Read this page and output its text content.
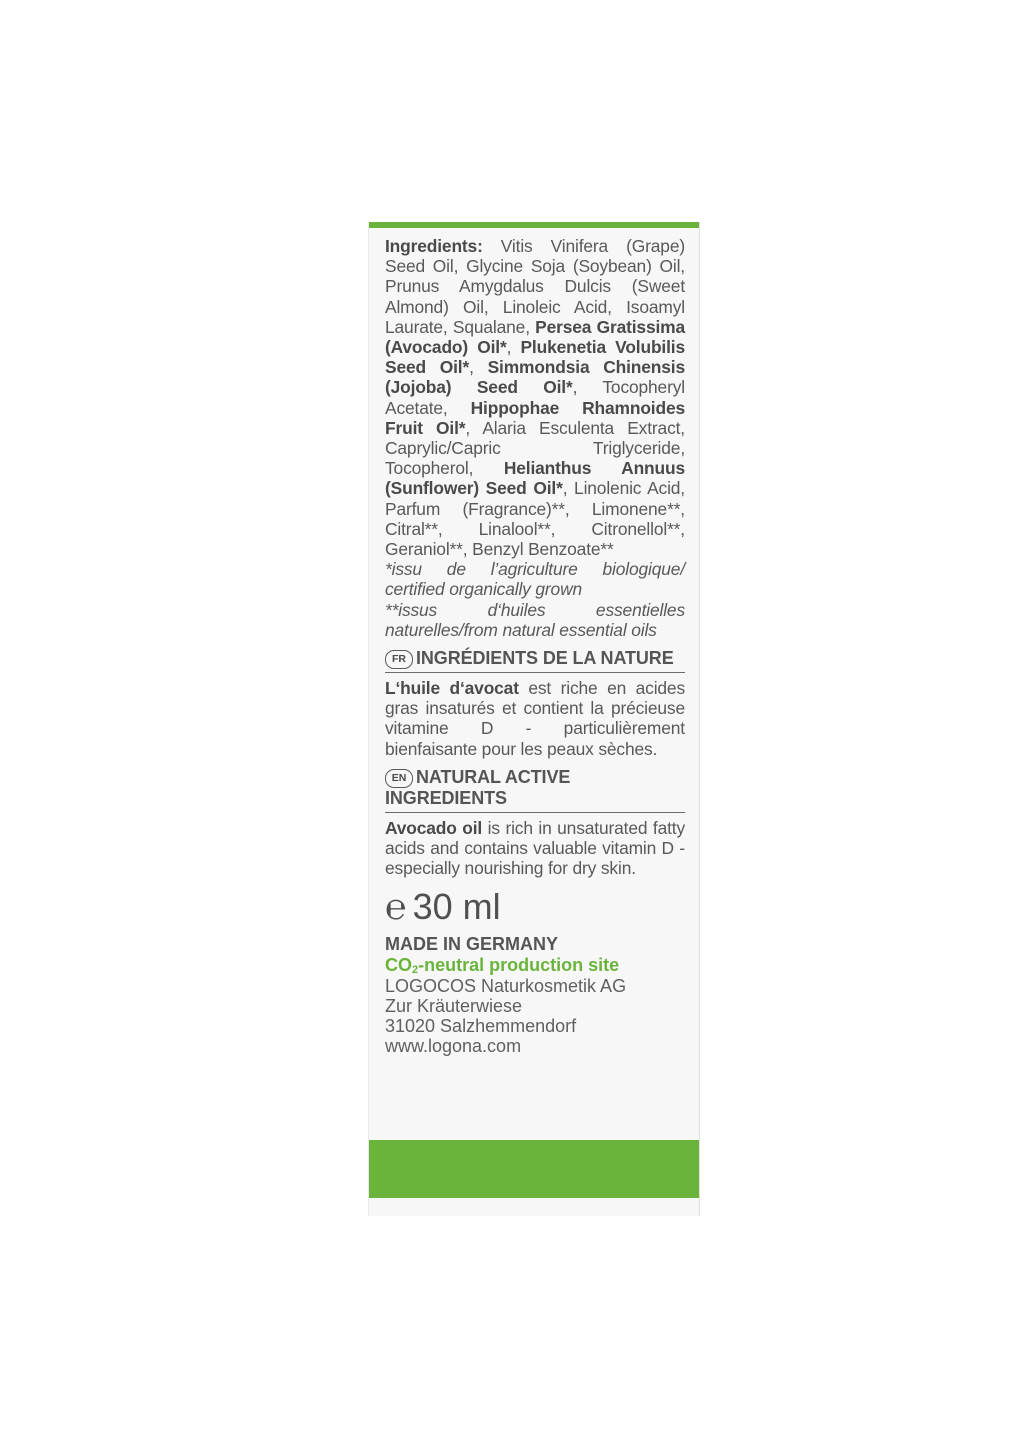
Ingredients: Vitis Vinifera (Grape) Seed Oil, Glycine Soja (Soybean) Oil, Prunus Amygdalus Dulcis (Sweet Almond) Oil, Linoleic Acid, Isoamyl Laurate, Squalane, Persea Gratissima (Avocado) Oil*, Plukenetia Volubilis Seed Oil*, Simmondsia Chinensis (Jojoba) Seed Oil*, Tocopheryl Acetate, Hippophae Rhamnoides Fruit Oil*, Alaria Esculenta Extract, Caprylic/Capric Triglyceride, Tocopherol, Helianthus Annuus (Sunflower) Seed Oil*, Linolenic Acid, Parfum (Fragrance)**, Limonene**, Citral**, Linalool**, Citronellol**, Geraniol**, Benzyl Benzoate**

*issu de l’agriculture biologique/ certified organically grown

**issus d‘huiles essentielles naturelles/from natural essential oils

FR INGRÉDIENTS DE LA NATURE

L‘huile d‘avocat est riche en acides gras insaturés et contient la précieuse vitamine D - particulièrement bienfaisante pour les peaux sèches.

EN NATURAL ACTIVE INGREDIENTS

Avocado oil is rich in unsaturated fatty acids and contains valuable vitamin D - especially nourishing for dry skin.

℮ 30 ml
MADE IN GERMANY
$CO_2$-neutral production site
LOGOCOS Naturkosmetik AG
Zur Kräuterwiese
31020 Salzhemmendorf
www.logona.com
